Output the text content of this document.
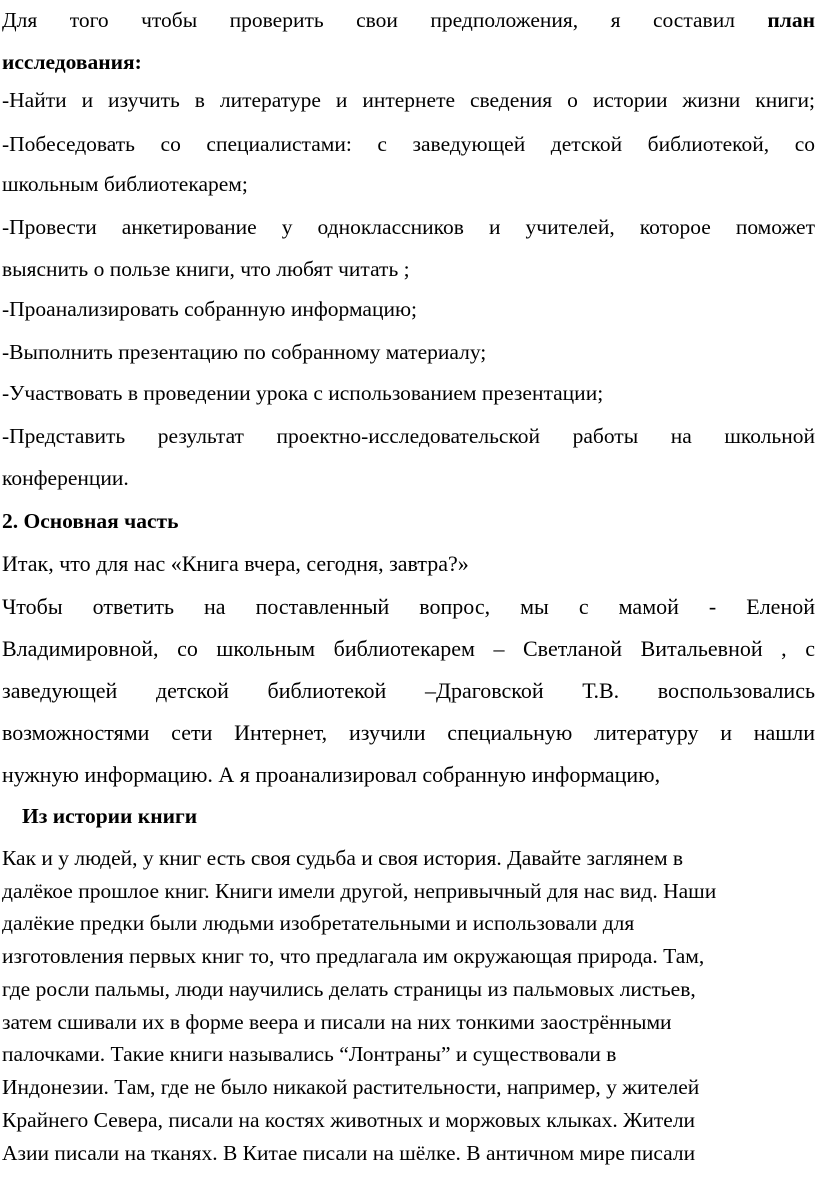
Для того чтобы проверить свои предположения, я составил план
исследования:
-Найти и изучить в литературе и интернете сведения о истории жизни книги;
-Побеседовать со специалистами: с заведующей детской библиотекой, со
школьным библиотекарем;
-Провести анкетирование у одноклассников и учителей, которое поможет
выяснить о пользе книги, что любят читать ;
-Проанализировать собранную информацию;
-Выполнить презентацию по собранному материалу;
-Участвовать в проведении урока с использованием презентации;
-Представить результат проектно-исследовательской работы на школьной
конференции.
2. Основная часть
Итак, что для нас «Книга вчера, сегодня, завтра?»
Чтобы ответить на поставленный вопрос, мы с мамой - Еленой
Владимировной, со школьным библиотекарем – Светланой Витальевной , с
заведующей детской библиотекой –Драговской Т.В. воспользовались
возможностями сети Интернет, изучили специальную литературу и нашли
нужную информацию. А я проанализировал собранную информацию,
Из истории книги
Как и у людей, у книг есть своя судьба и своя история. Давайте заглянем в
далёкое прошлое книг. Книги имели другой, непривычный для нас вид. Наши
далёкие предки были людьми изобретательными и использовали для
изготовления первых книг то, что предлагала им окружающая природа. Там,
где росли пальмы, люди научились делать страницы из пальмовых листьев,
затем сшивали их в форме веера и писали на них тонкими заострёнными
палочками. Такие книги назывались “Лонтраны” и существовали в
Индонезии. Там, где не было никакой растительности, например, у жителей
Крайнего Севера, писали на костях животных и моржовых клыках. Жители
Азии писали на тканях. В Китае писали на шёлке. В античном мире писали
